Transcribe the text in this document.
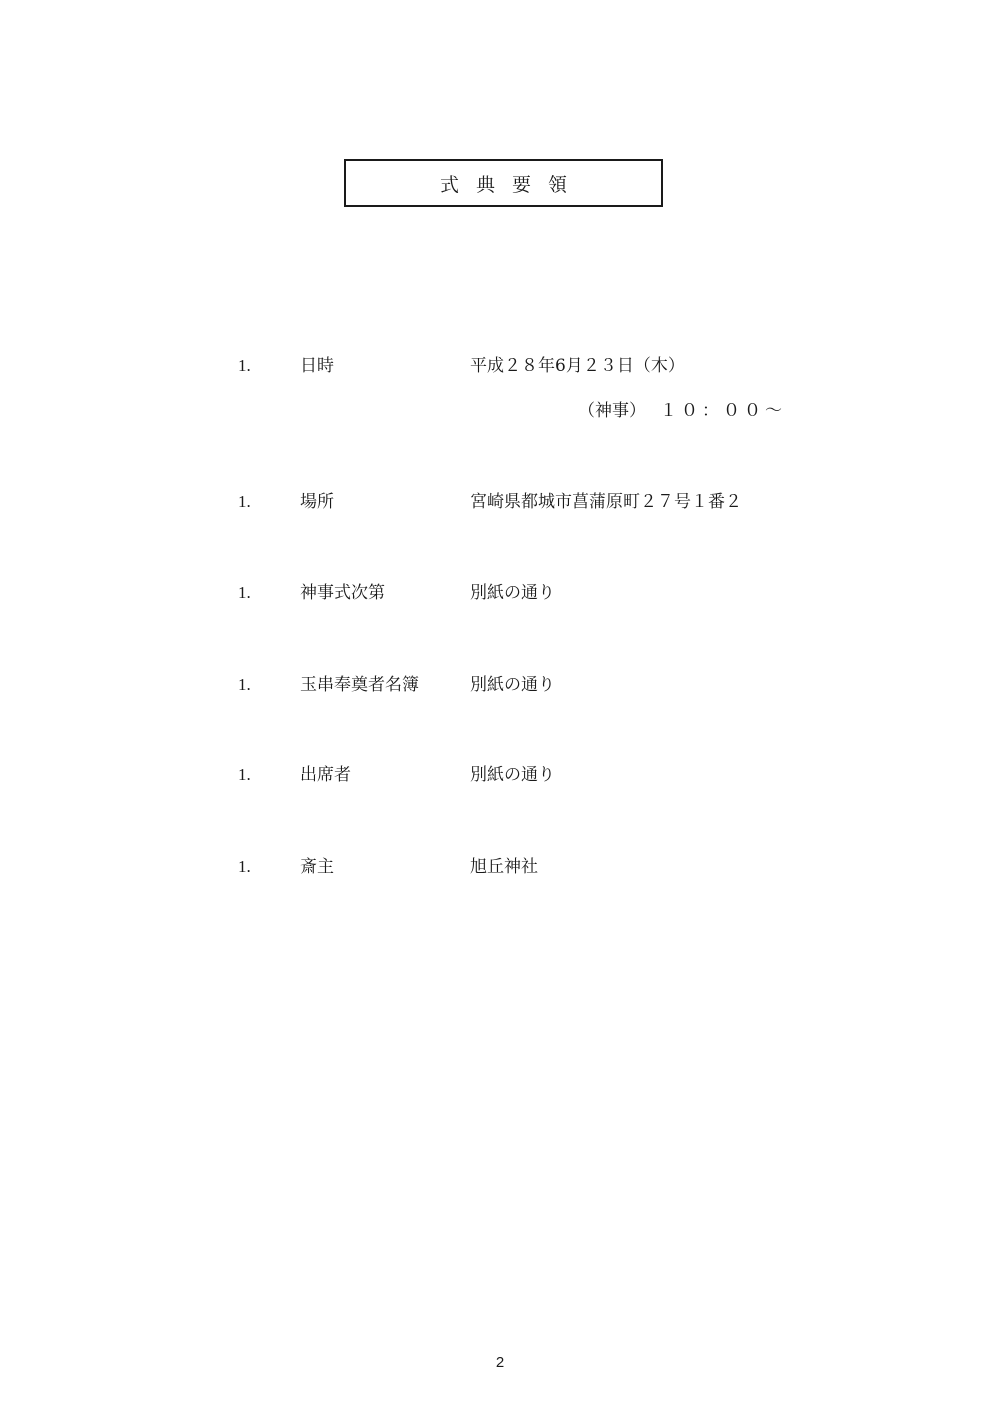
式典要領
1.	日時	平成２８年6月２３日（木）
（神事） １０：００～
1.	場所	宮崎県都城市菖蒲原町２７号１番２
1.	神事式次第	別紙の通り
1.	玉串奉奠者名簿	別紙の通り
1.	出席者	別紙の通り
1.	斎主	旭丘神社
2
